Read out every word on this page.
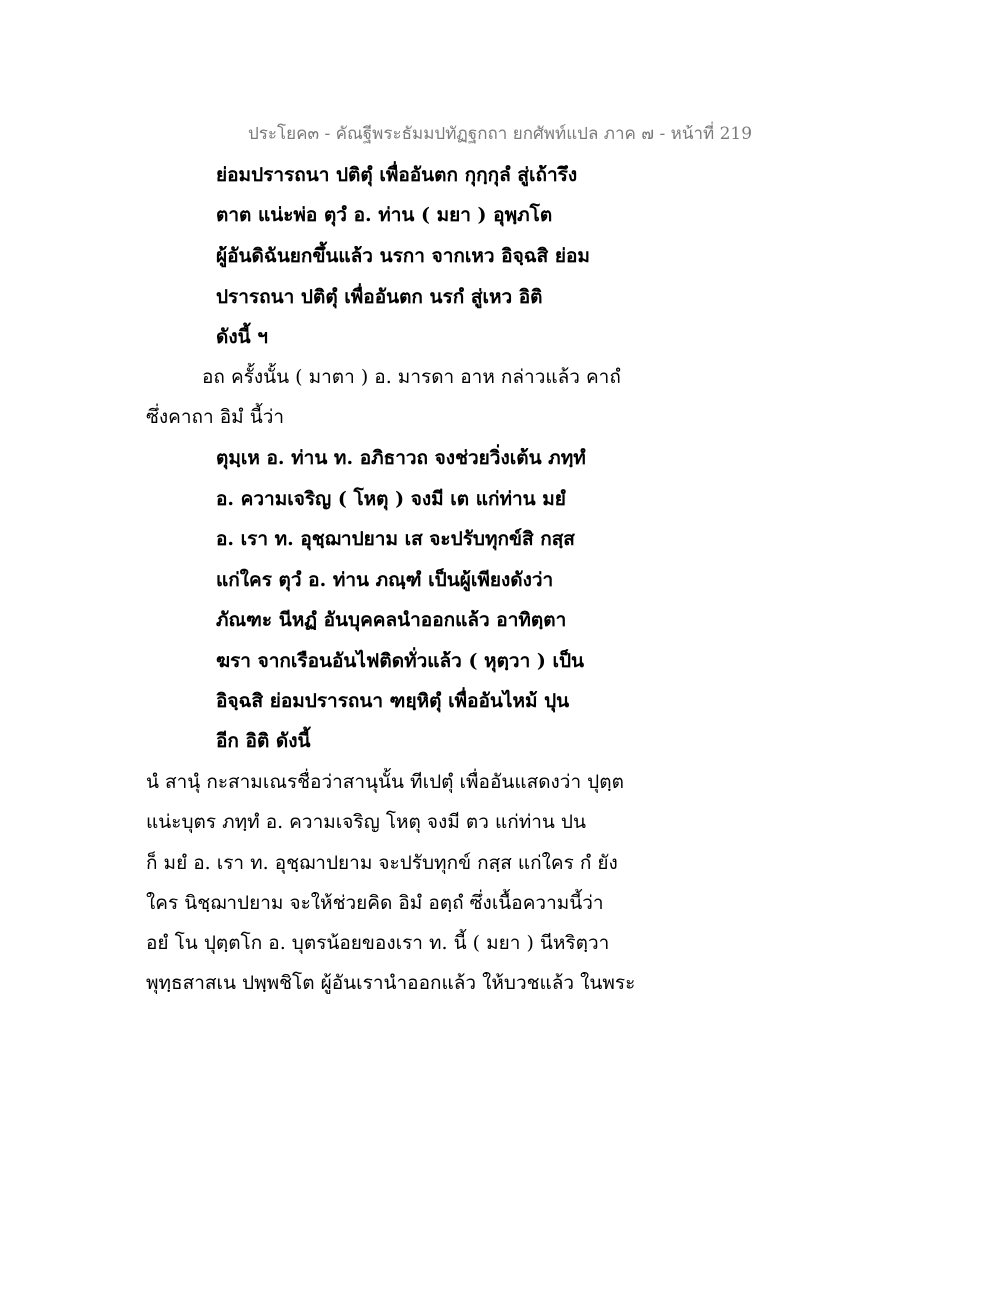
ประโยค๓ - คัณฐีพระธัมมปทัฏฐกถา ยกศัพท์แปล ภาค ๗ - หน้าที่ 219
ย่อมปรารถนา ปติตุํ เพื่ออันตก กุกฺกุลํ สู่เถ้ารึง
ตาต แน่ะพ่อ ตุวํ อ. ท่าน ( มยา ) อุพฺภโต
ผู้อันดิฉันยกขึ้นแล้ว นรกา จากเหว อิจฺฉสิ ย่อม
ปรารถนา ปติตุํ เพื่ออันตก นรกํ สู่เหว อิติ
ดังนี้ ฯ
อถ ครั้งนั้น ( มาตา ) อ. มารดา อาห กล่าวแล้ว คาถํ
ซึ่งคาถา อิมํ นี้ว่า
ตุมฺเห อ. ท่าน ท. อภิธาวถ จงช่วยวิ่งเต้น ภทฺทํ
อ. ความเจริญ ( โหตุ ) จงมี เต แก่ท่าน มยํ
อ. เรา ท. อุชฺฌาปยาม เส จะปรับทุกข์สิ กสฺส
แก่ใคร ตุวํ อ. ท่าน ภณฺฑํ เป็นผู้เพียงดังว่า
ภัณฑะ นีหฏํ อันบุคคลนำออกแล้ว อาทิตฺตา
ฆรา จากเรือนอันไฟติดทั่วแล้ว ( หุตฺวา ) เป็น
อิจฺฉสิ ย่อมปรารถนา ฑยฺหิตุํ เพื่ออันไหม้ ปุน
อีก อิติ ดังนี้
นํ สานุํ กะสามเณรชื่อว่าสานุนั้น ทีเปตุํ เพื่ออันแสดงว่า ปุตฺต
แน่ะบุตร ภทฺทํ อ. ความเจริญ โหตุ จงมี ตว แก่ท่าน ปน
ก็ มยํ อ. เรา ท. อุชฺฌาปยาม จะปรับทุกข์ กสฺส แก่ใคร กํ ยัง
ใคร นิชฺฌาปยาม จะให้ช่วยคิด อิมํ อตฺถํ ซึ่งเนื้อความนี้ว่า
อยํ โน ปุตฺตโก อ. บุตรน้อยของเรา ท. นี้ ( มยา ) นีหริตฺวา
พุทฺธสาสเน ปพฺพชิโต ผู้อันเรานำออกแล้ว ให้บวชแล้ว ในพระ
